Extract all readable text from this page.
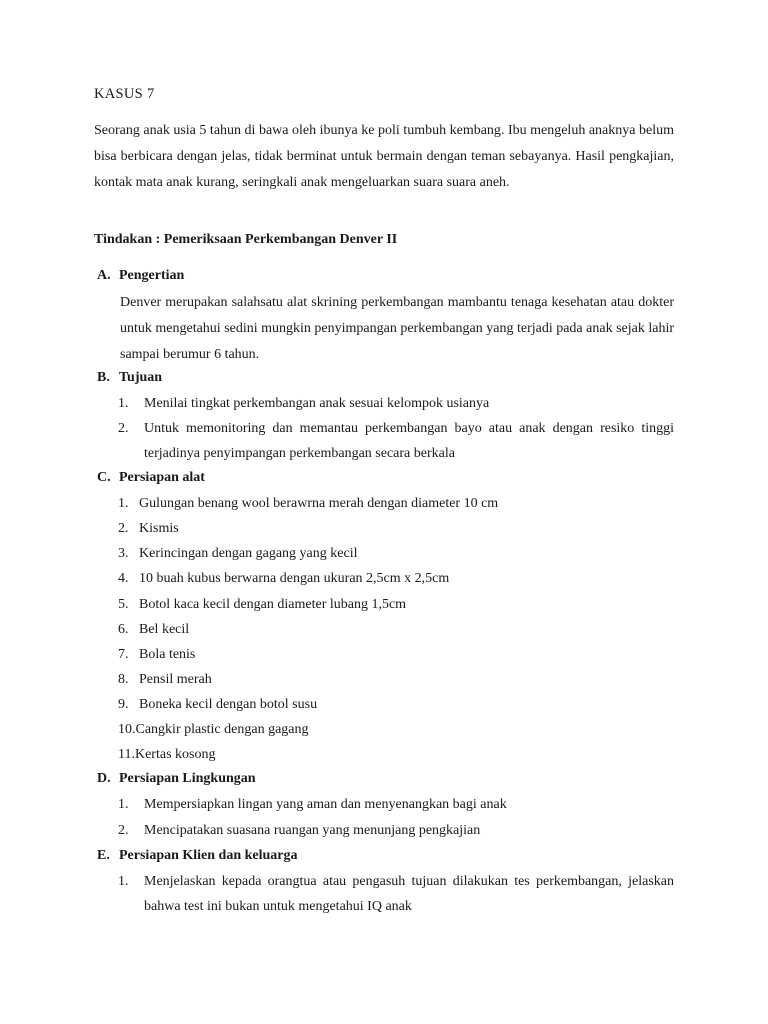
KASUS 7
Seorang anak usia 5 tahun di bawa oleh ibunya ke poli tumbuh kembang. Ibu mengeluh anaknya belum bisa berbicara dengan jelas, tidak berminat untuk bermain dengan teman sebayanya. Hasil pengkajian, kontak mata anak kurang, seringkali anak mengeluarkan suara suara aneh.
Tindakan : Pemeriksaan Perkembangan Denver II
A. Pengertian
Denver merupakan salahsatu alat skrining perkembangan mambantu tenaga kesehatan atau dokter untuk mengetahui sedini mungkin penyimpangan perkembangan yang terjadi pada anak sejak lahir sampai berumur 6 tahun.
B. Tujuan
1. Menilai tingkat perkembangan anak sesuai kelompok usianya
2. Untuk memonitoring dan memantau perkembangan bayo atau anak dengan resiko tinggi terjadinya penyimpangan perkembangan secara berkala
C. Persiapan alat
1. Gulungan benang wool berawrna merah dengan diameter 10 cm
2. Kismis
3. Kerincingan dengan gagang yang kecil
4. 10 buah kubus berwarna dengan ukuran 2,5cm x 2,5cm
5. Botol kaca kecil dengan diameter lubang 1,5cm
6. Bel kecil
7. Bola tenis
8. Pensil merah
9. Boneka kecil dengan botol susu
10.Cangkir plastic dengan gagang
11.Kertas kosong
D. Persiapan Lingkungan
1. Mempersiapkan lingan yang aman dan menyenangkan bagi anak
2. Mencipatakan suasana ruangan yang menunjang pengkajian
E. Persiapan Klien dan keluarga
1. Menjelaskan kepada orangtua atau pengasuh tujuan dilakukan tes perkembangan, jelaskan bahwa test ini bukan untuk mengetahui IQ anak
